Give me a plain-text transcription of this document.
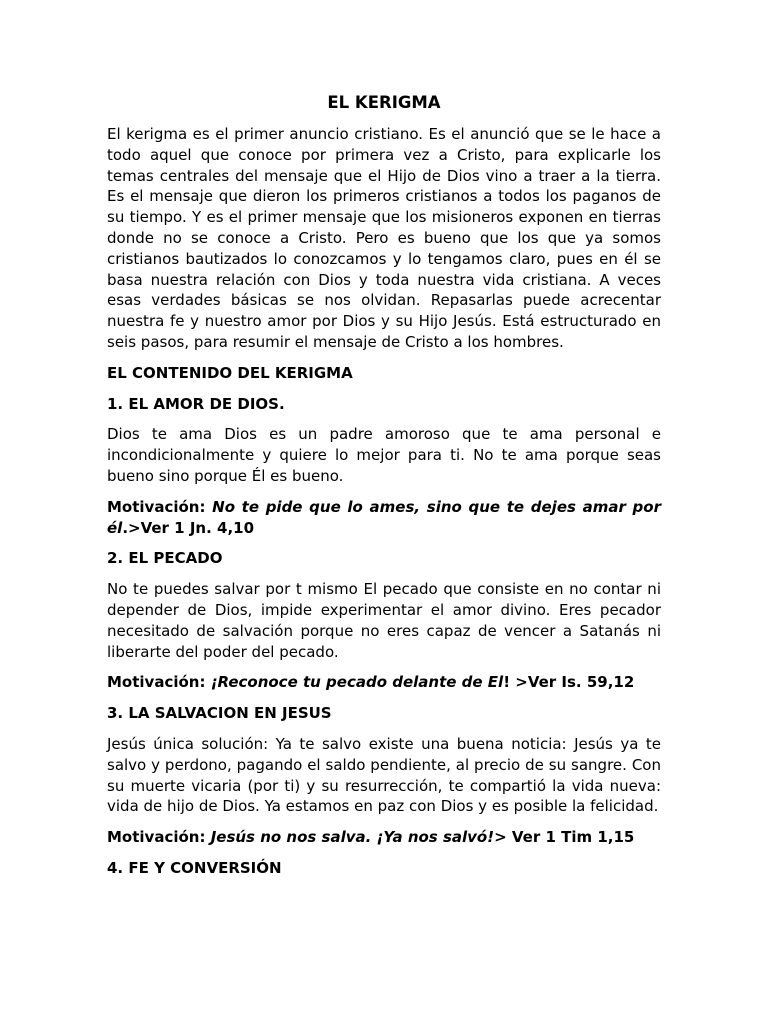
EL KERIGMA

El kerigma es el primer anuncio cristiano. Es el anunció que se le hace a todo aquel que conoce por primera vez a Cristo, para explicarle los temas centrales del mensaje que el Hijo de Dios vino a traer a la tierra. Es el mensaje que dieron los primeros cristianos a todos los paganos de su tiempo. Y es el primer mensaje que los misioneros exponen en tierras donde no se conoce a Cristo. Pero es bueno que los que ya somos cristianos bautizados lo conozcamos y lo tengamos claro, pues en él se basa nuestra relación con Dios y toda nuestra vida cristiana. A veces esas verdades básicas se nos olvidan. Repasarlas puede acrecentar nuestra fe y nuestro amor por Dios y su Hijo Jesús. Está estructurado en seis pasos, para resumir el mensaje de Cristo a los hombres.

EL CONTENIDO DEL KERIGMA

1. EL AMOR DE DIOS.

Dios te ama Dios es un padre amoroso que te ama personal e incondicionalmente y quiere lo mejor para ti. No te ama porque seas bueno sino porque Él es bueno.

Motivación: No te pide que lo ames, sino que te dejes amar por él.>Ver 1 Jn. 4,10

2. EL PECADO

No te puedes salvar por t mismo El pecado que consiste en no contar ni depender de Dios, impide experimentar el amor divino. Eres pecador necesitado de salvación porque no eres capaz de vencer a Satanás ni liberarte del poder del pecado.

Motivación: ¡Reconoce tu pecado delante de El! >Ver Is. 59,12

3. LA SALVACION EN JESUS

Jesús única solución: Ya te salvo existe una buena noticia: Jesús ya te salvo y perdono, pagando el saldo pendiente, al precio de su sangre. Con su muerte vicaria (por ti) y su resurrección, te compartió la vida nueva: vida de hijo de Dios. Ya estamos en paz con Dios y es posible la felicidad.

Motivación: Jesús no nos salva. ¡Ya nos salvó!> Ver 1 Tim 1,15

4. FE Y CONVERSIÓN
